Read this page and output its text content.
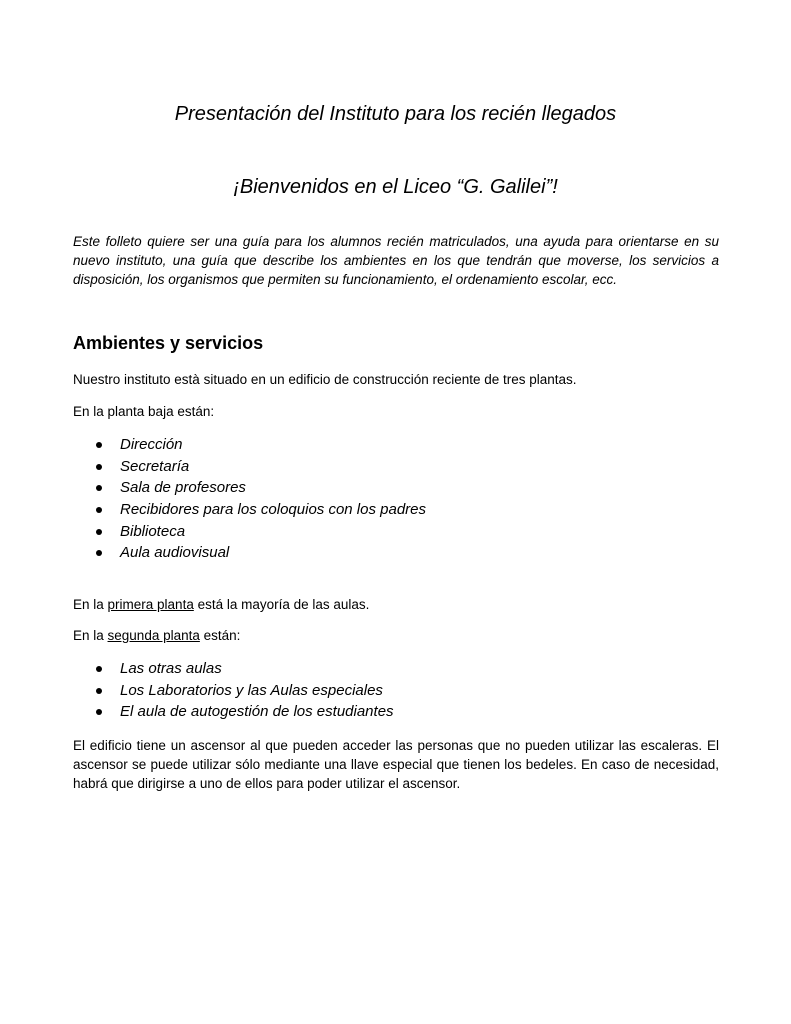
Presentación del Instituto para los recién llegados
¡Bienvenidos en el Liceo “G. Galilei”!

Este folleto quiere ser una guía para los alumnos recién matriculados, una ayuda para orientarse en su nuevo instituto, una guía que describe los ambientes en los que tendrán que moverse, los servicios a disposición, los organismos que permiten su funcionamiento, el ordenamiento escolar, ecc.

Ambientes y servicios

Nuestro instituto està situado en un edificio de construcción reciente de tres plantas.

En la planta baja están:

Dirección
Secretaría
Sala de profesores
Recibidores para los coloquios con los padres
Biblioteca
Aula audiovisual

En la primera planta está la mayoría de las aulas.

En la segunda planta están:

Las otras aulas
Los Laboratorios y las Aulas especiales
El aula de autogestión de los estudiantes

El edificio tiene un ascensor al que pueden acceder las personas que no pueden utilizar las escaleras. El ascensor se puede utilizar sólo mediante una llave especial que tienen los bedeles. En caso de necesidad, habrá que dirigirse a uno de ellos para poder utilizar el ascensor.
